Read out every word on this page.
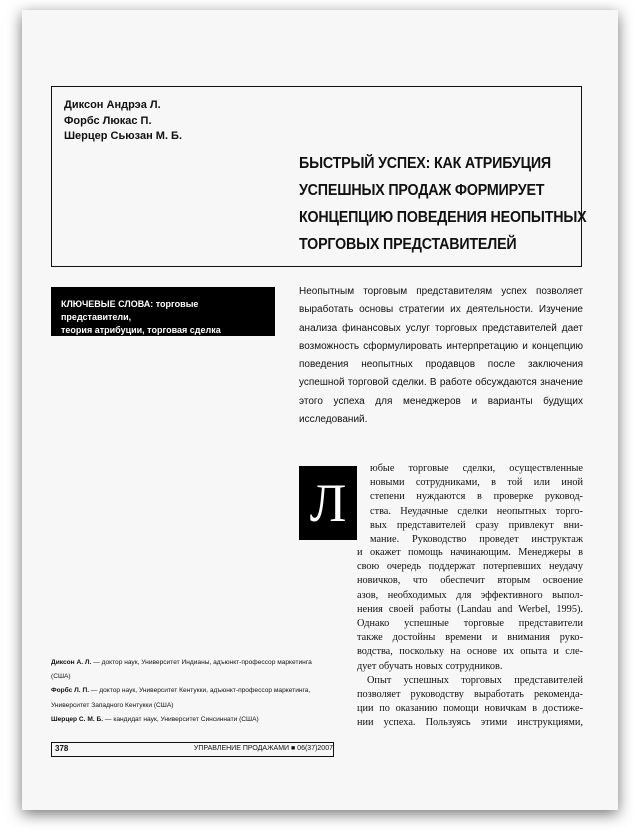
Диксон Андрэа Л.
Форбс Люкас П.
Шерцер Сьюзан М. Б.
БЫСТРЫЙ УСПЕХ: КАК АТРИБУЦИЯ
УСПЕШНЫХ ПРОДАЖ ФОРМИРУЕТ
КОНЦЕПЦИЮ ПОВЕДЕНИЯ НЕОПЫТНЫХ
ТОРГОВЫХ ПРЕДСТАВИТЕЛЕЙ
КЛЮЧЕВЫЕ СЛОВА: торговые представители,
теория атрибуции, торговая сделка
Неопытным торговым представителям успех позволяет выработать основы стратегии их деятельности. Изучение анализа финансовых услуг торговых представителей дает возможность сформулировать интерпретацию и концепцию поведения неопытных продавцов после заключения успешной торговой сделки. В работе обсуждаются значение этого успеха для менеджеров и варианты будущих исследований.
Л
юбые торговые сделки, осуществленные
новыми сотрудниками, в той или иной
степени нуждаются в проверке руковод-
ства. Неудачные сделки неопытных торго-
вых представителей сразу привлекут вни-
мание. Руководство проведет инструктаж
и окажет помощь начинающим. Менеджеры в
свою очередь поддержат потерпевших неудачу
новичков, что обеспечит вторым освоение
азов, необходимых для эффективного выпол-
нения своей работы (Landau and Werbel, 1995).
Однако успешные торговые представители
также достойны времени и внимания руко-
водства, поскольку на основе их опыта и сле-
дует обучать новых сотрудников.
Опыт успешных торговых представителей
позволяет руководству выработать рекоменда-
ции по оказанию помощи новичкам в достиже-
нии успеха. Пользуясь этими инструкциями,
Диксон А. Л. — доктор наук, Университет Индианы, адъюнкт-профессор маркетинга
(США)
Форбс Л. П. — доктор наук, Университет Кентукки, адъюнкт-профессор маркетинга,
Университет Западного Кентукки (США)
Шерцер С. М. Б. — кандидат наук, Университет Синсиннати (США)
378	УПРАВЛЕНИЕ ПРОДАЖАМИ ■ 06(37)2007
